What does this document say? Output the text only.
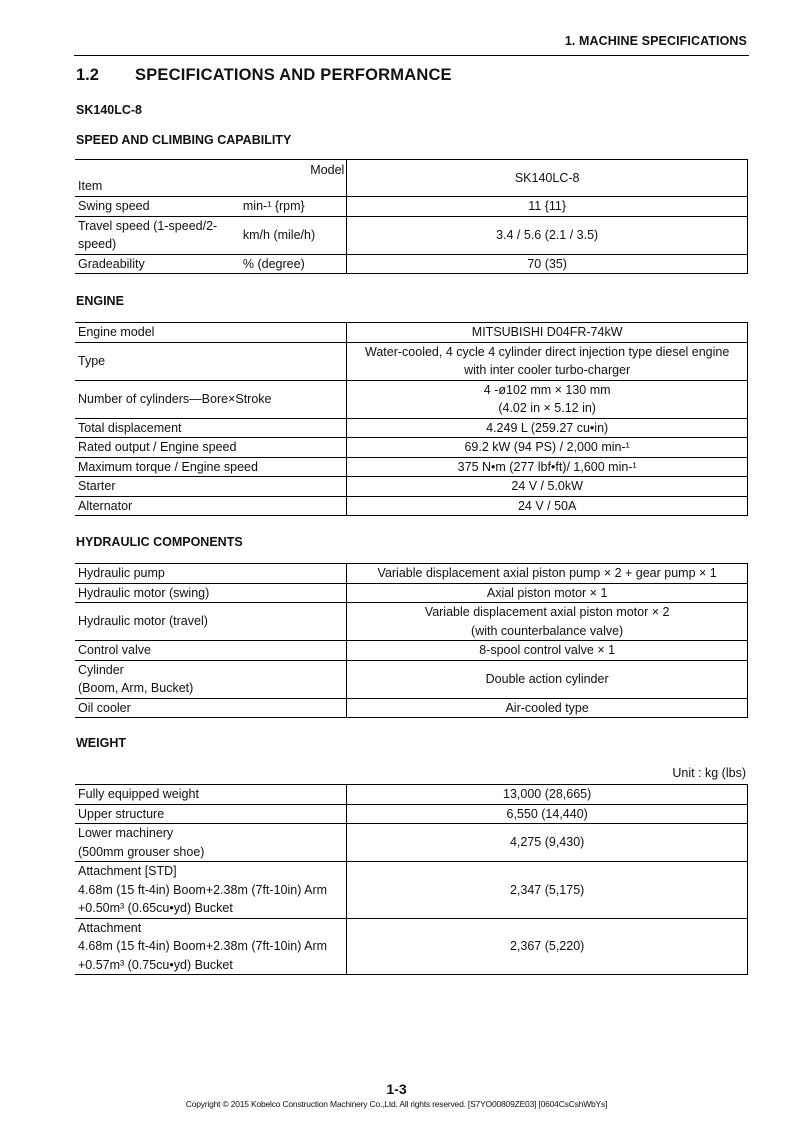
1. MACHINE SPECIFICATIONS
1.2 SPECIFICATIONS AND PERFORMANCE
SK140LC-8
SPEED AND CLIMBING CAPABILITY
Model
Item		SK140LC-8
Swing speed	min-¹ {rpm}	11 {11}
Travel speed (1-speed/2-speed)	km/h (mile/h)	3.4 / 5.6 (2.1 / 3.5)
Gradeability	% (degree)	70 (35)
ENGINE
Engine model	MITSUBISHI D04FR-74kW
Type	Water-cooled, 4 cycle 4 cylinder direct injection type diesel engine
with inter cooler turbo-charger

Number of cylinders—Bore×Stroke	4 -ø102 mm × 130 mm
(4.02 in × 5.12 in)

Total displacement	4.249 L (259.27 cu•in)
Rated output / Engine speed	69.2 kW (94 PS) / 2,000 min-¹
Maximum torque / Engine speed	375 N•m (277 lbf•ft)/ 1,600 min-¹
Starter	24 V / 5.0kW
Alternator	24 V / 50A
HYDRAULIC COMPONENTS
Hydraulic pump	Variable displacement axial piston pump × 2 + gear pump × 1
Hydraulic motor (swing)	Axial piston motor × 1
Hydraulic motor (travel)	Variable displacement axial piston motor × 2
(with counterbalance valve)

Control valve	8-spool control valve × 1

Cylinder
(Boom, Arm, Bucket)	Double action cylinder
Oil cooler	Air-cooled type
WEIGHT
Unit : kg (lbs)
Fully equipped weight	13,000 (28,665)
Upper structure	6,550 (14,440)

Lower machinery
(500mm grouser shoe)	4,275 (9,430)

Attachment [STD]
4.68m (15 ft-4in) Boom+2.38m (7ft-10in) Arm
+0.50m³ (0.65cu•yd) Bucket	2,347 (5,175)

Attachment
4.68m (15 ft-4in) Boom+2.38m (7ft-10in) Arm
+0.57m³ (0.75cu•yd) Bucket	2,367 (5,220)
1-3
Copyright © 2015 Kobelco Construction Machinery Co.,Ltd. All rights reserved. [S7YO00809ZE03] [0604CsCshWbYs]
